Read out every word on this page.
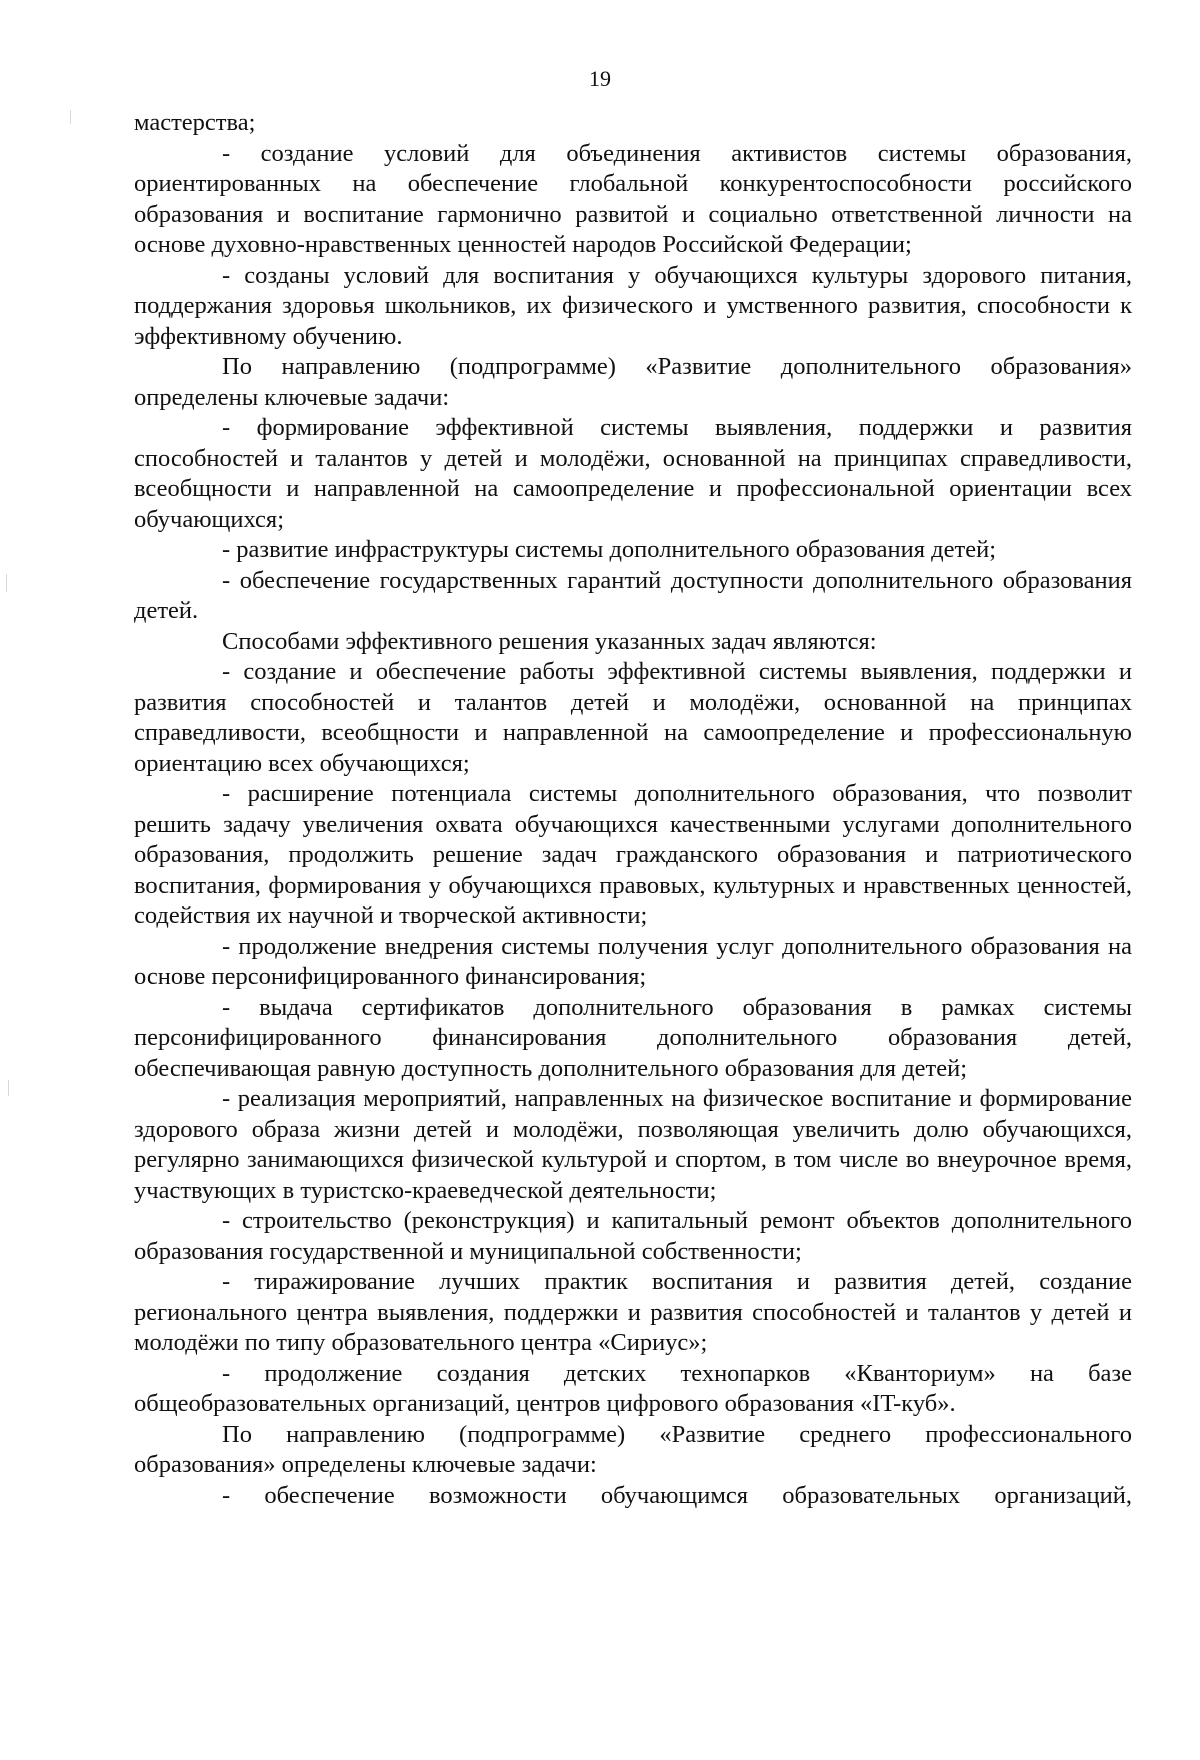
19

мастерства;

- создание условий для объединения активистов системы образования, ориентированных на обеспечение глобальной конкурентоспособности российского образования и воспитание гармонично развитой и социально ответственной личности на основе духовно-нравственных ценностей народов Российской Федерации;

- созданы условий для воспитания у обучающихся культуры здорового питания, поддержания здоровья школьников, их физического и умственного развития, способности к эффективному обучению.

По направлению (подпрограмме) «Развитие дополнительного образования» определены ключевые задачи:

- формирование эффективной системы выявления, поддержки и развития способностей и талантов у детей и молодёжи, основанной на принципах справедливости, всеобщности и направленной на самоопределение и профессиональной ориентации всех обучающихся;

- развитие инфраструктуры системы дополнительного образования детей;

- обеспечение государственных гарантий доступности дополнительного образования детей.

Способами эффективного решения указанных задач являются:

- создание и обеспечение работы эффективной системы выявления, поддержки и развития способностей и талантов детей и молодёжи, основанной на принципах справедливости, всеобщности и направленной на самоопределение и профессиональную ориентацию всех обучающихся;

- расширение потенциала системы дополнительного образования, что позволит решить задачу увеличения охвата обучающихся качественными услугами дополнительного образования, продолжить решение задач гражданского образования и патриотического воспитания, формирования у обучающихся правовых, культурных и нравственных ценностей, содействия их научной и творческой активности;

- продолжение внедрения системы получения услуг дополнительного образования на основе персонифицированного финансирования;

- выдача сертификатов дополнительного образования в рамках системы персонифицированного финансирования дополнительного образования детей, обеспечивающая равную доступность дополнительного образования для детей;

- реализация мероприятий, направленных на физическое воспитание и формирование здорового образа жизни детей и молодёжи, позволяющая увеличить долю обучающихся, регулярно занимающихся физической культурой и спортом, в том числе во внеурочное время, участвующих в туристско-краеведческой деятельности;

- строительство (реконструкция) и капитальный ремонт объектов дополнительного образования государственной и муниципальной собственности;

- тиражирование лучших практик воспитания и развития детей, создание регионального центра выявления, поддержки и развития способностей и талантов у детей и молодёжи по типу образовательного центра «Сириус»;

- продолжение создания детских технопарков «Кванториум» на базе общеобразовательных организаций, центров цифрового образования «IT-куб».

По направлению (подпрограмме) «Развитие среднего профессионального образования» определены ключевые задачи:

- обеспечение возможности обучающимся образовательных организаций,
